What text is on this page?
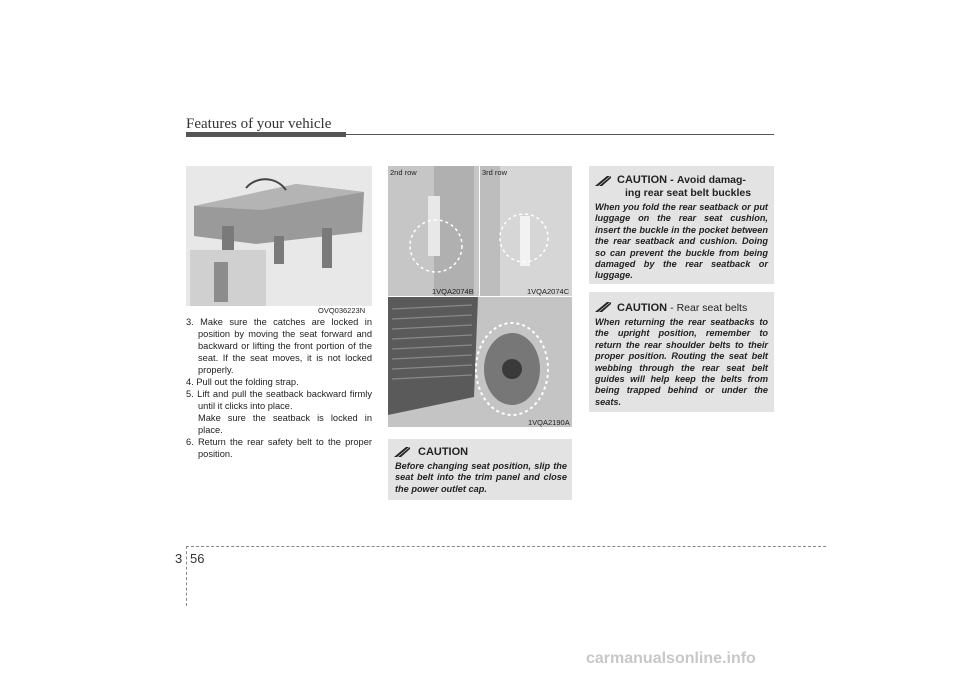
Features of your vehicle
OVQ036223N

3. Make sure the catches are locked in position by moving the seat forward and backward or lifting the front portion of the seat. If the seat moves, it is not locked properly.

4. Pull out the folding strap.

5. Lift and pull the seatback backward firmly until it clicks into place.

Make sure the seatback is locked in place.

6. Return the rear safety belt to the proper position.

2nd row
1VQA2074B
3rd row
1VQA2074C
1VQA2190A
CAUTION
Before changing seat position, slip the seat belt into the trim panel and close the power outlet cap.
CAUTION - Avoid damag-
ing rear seat belt buckles
When you fold the rear seatback or put luggage on the rear seat cushion, insert the buckle in the pocket between the rear seatback and cushion. Doing so can prevent the buckle from being damaged by the rear seatback or luggage.
CAUTION - Rear seat belts
When returning the rear seatbacks to the upright position, remember to return the rear shoulder belts to their proper position. Routing the seat belt webbing through the rear seat belt guides will help keep the belts from being trapped behind or under the seats.
3 56
carmanualsonline.info
